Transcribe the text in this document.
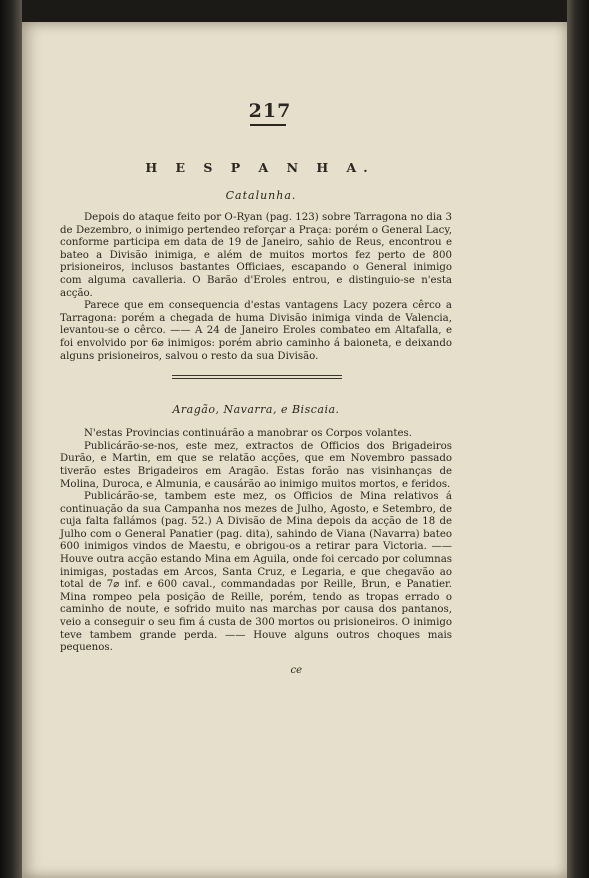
217
H E S P A N H A.
Catalunha.

Depois do ataque feito por O-Ryan (pag. 123) sobre Tarragona no dia 3 de Dezembro, o inimigo pertendeo reforçar a Praça: porém o General Lacy, conforme participa em data de 19 de Janeiro, sahio de Reus, encontrou e bateo a Divisão inimiga, e além de muitos mortos fez perto de 800 prisioneiros, inclusos bastantes Officiaes, escapando o General inimigo com alguma cavalleria. O Barão d'Eroles entrou, e distinguio-se n'esta acção.

Parece que em consequencia d'estas vantagens Lacy pozera cêrco a Tarragona: porém a chegada de huma Divisão inimiga vinda de Valencia, levantou-se o cêrco. —— A 24 de Janeiro Eroles combateo em Altafalla, e foi envolvido por 6⌀ inimigos: porém abrio caminho á baioneta, e deixando alguns prisioneiros, salvou o resto da sua Divisão.

Aragão, Navarra, e Biscaia.

N'estas Provincias continuárão a manobrar os Corpos volantes.

Publicárão-se-nos, este mez, extractos de Officios dos Brigadeiros Durão, e Martin, em que se relatão acções, que em Novembro passado tiverão estes Brigadeiros em Aragão. Estas forão nas visinhanças de Molina, Duroca, e Almunia, e causárão ao inimigo muitos mortos, e feridos.

Publicárão-se, tambem este mez, os Officios de Mina relativos á continuação da sua Campanha nos mezes de Julho, Agosto, e Setembro, de cuja falta fallámos (pag. 52.) A Divisão de Mina depois da acção de 18 de Julho com o General Panatier (pag. dita), sahindo de Viana (Navarra) bateo 600 inimigos vindos de Maestu, e obrigou-os a retirar para Victoria. —— Houve outra acção estando Mina em Aguila, onde foi cercado por columnas inimigas, postadas em Arcos, Santa Cruz, e Legaria, e que chegavão ao total de 7⌀ inf. e 600 caval., commandadas por Reille, Brun, e Panatier. Mina rompeo pela posição de Reille, porém, tendo as tropas errado o caminho de noute, e sofrido muito nas marchas por causa dos pantanos, veio a conseguir o seu fim á custa de 300 mortos ou prisioneiros. O inimigo teve tambem grande perda. —— Houve alguns outros choques mais pequenos.

ce
